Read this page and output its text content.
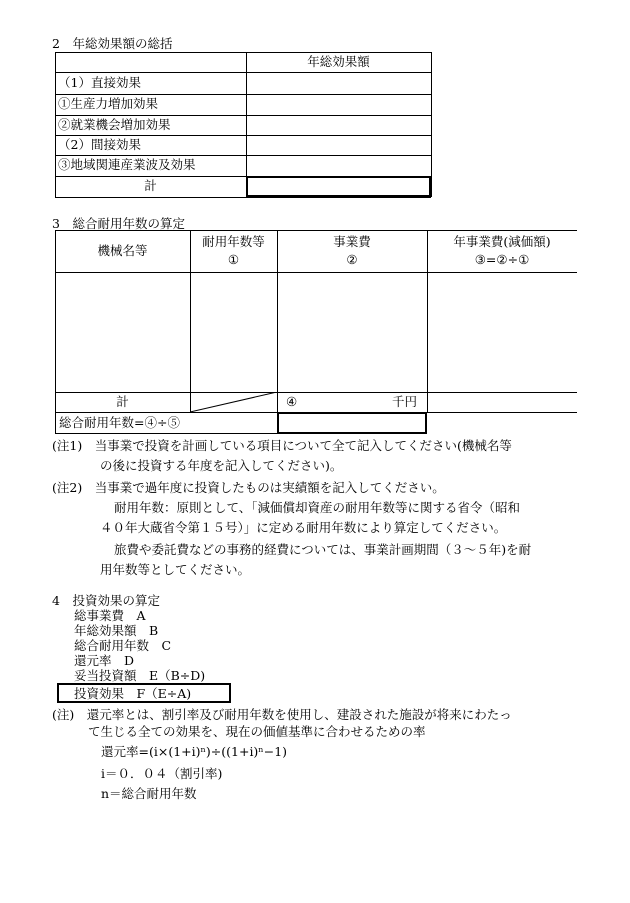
2　年総効果額の総括
年総効果額
（1）直接効果
①生産力増加効果
②就業機会増加効果
（2）間接効果
③地域関連産業波及効果
計
3　総合耐用年数の算定
機械名等
耐用年数等
①
事業費
②
年事業費(減価額)
③=②÷①
計	④	千円
総合耐用年数=④÷⑤
(注1)　当事業で投資を計画している項目について全て記入してください(機械名等
の後に投資する年度を記入してください)。
(注2)　当事業で過年度に投資したものは実績額を記入してください。
耐用年数：原則として、「減価償却資産の耐用年数等に関する省令（昭和
４０年大蔵省令第１５号）」に定める耐用年数により算定してください。
旅費や委託費などの事務的経費については、事業計画期間（３～５年)を耐
用年数等としてください。
4　投資効果の算定
総事業費　A
年総効果額　B
総合耐用年数　C
還元率　D
妥当投資額　E（B÷D)
投資効果　F（E÷A)
(注)　還元率とは、割引率及び耐用年数を使用し、建設された施設が将来にわたっ
て生じる全ての効果を、現在の価値基準に合わせるための率
還元率=(i×(1+i)ⁿ)÷((1+i)ⁿ−1)
i＝０．０４（割引率)
n＝総合耐用年数
